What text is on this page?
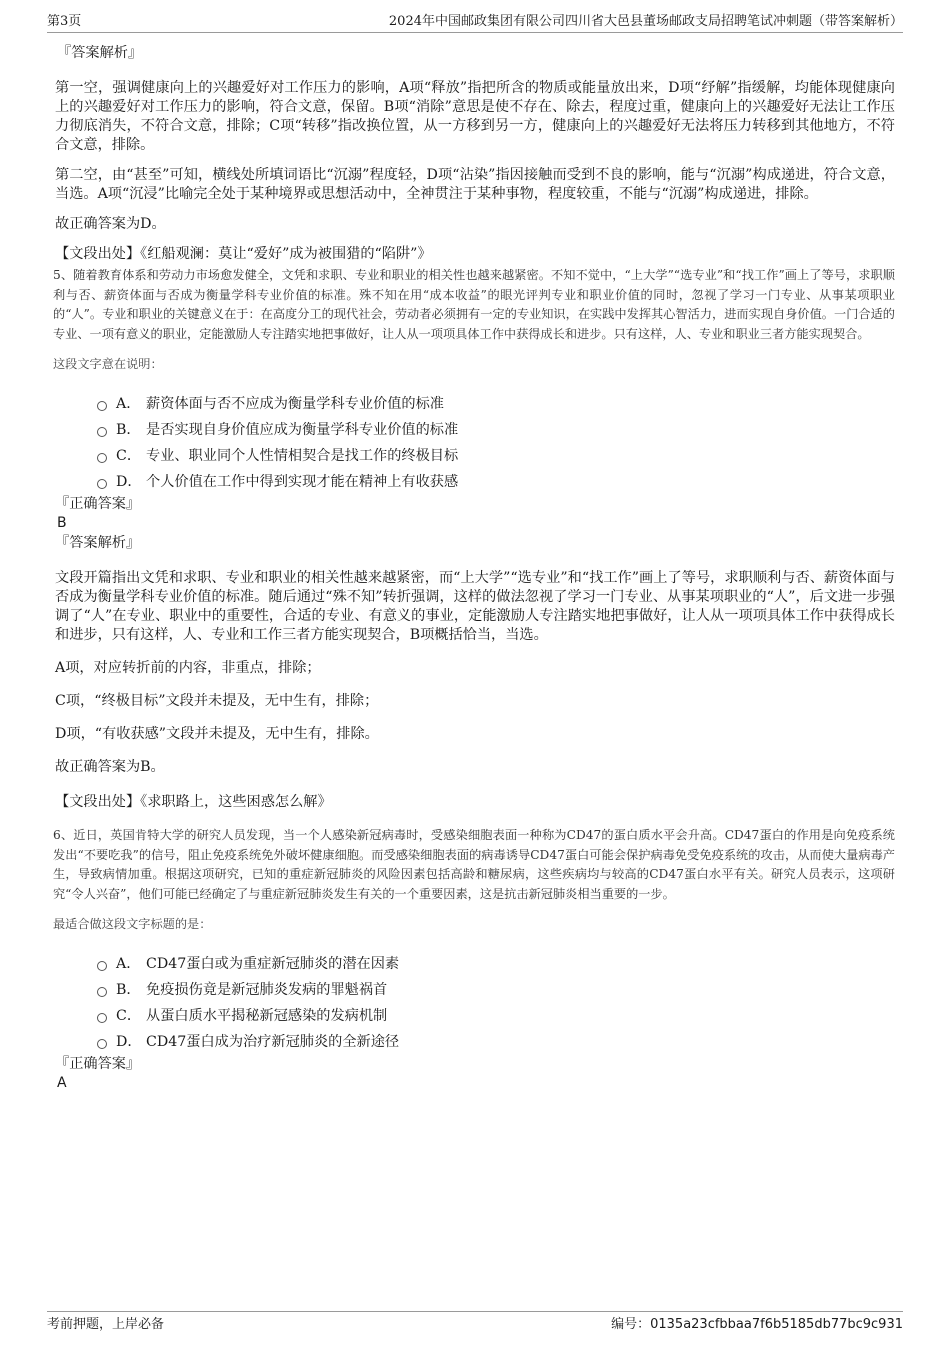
第3页	2024年中国邮政集团有限公司四川省大邑县董场邮政支局招聘笔试冲刺题（带答案解析）

『答案解析』

第一空，强调健康向上的兴趣爱好对工作压力的影响，A项“释放”指把所含的物质或能量放出来，D项“纾解”指缓解，均能体现健康向上的兴趣爱好对工作压力的影响，符合文意，保留。B项“消除”意思是使不存在、除去，程度过重，健康向上的兴趣爱好无法让工作压力彻底消失，不符合文意，排除；C项“转移”指改换位置，从一方移到另一方，健康向上的兴趣爱好无法将压力转移到其他地方，不符合文意，排除。

第二空，由“甚至”可知，横线处所填词语比“沉溺”程度轻，D项“沾染”指因接触而受到不良的影响，能与“沉溺”构成递进，符合文意，当选。A项“沉浸”比喻完全处于某种境界或思想活动中，全神贯注于某种事物，程度较重，不能与“沉溺”构成递进，排除。

故正确答案为D。

【文段出处】《红船观澜：莫让“爱好”成为被围猎的“陷阱”》

5、随着教育体系和劳动力市场愈发健全，文凭和求职、专业和职业的相关性也越来越紧密。不知不觉中，“上大学”“选专业”和“找工作”画上了等号，求职顺利与否、薪资体面与否成为衡量学科专业价值的标准。殊不知在用“成本收益”的眼光评判专业和职业价值的同时，忽视了学习一门专业、从事某项职业的“人”。专业和职业的关键意义在于：在高度分工的现代社会，劳动者必须拥有一定的专业知识，在实践中发挥其心智活力，进而实现自身价值。一门合适的专业、一项有意义的职业，定能激励人专注踏实地把事做好，让人从一项项具体工作中获得成长和进步。只有这样，人、专业和职业三者方能实现契合。

这段文字意在说明：

A． 薪资体面与否不应成为衡量学科专业价值的标准
B． 是否实现自身价值应成为衡量学科专业价值的标准
C． 专业、职业同个人性情相契合是找工作的终极目标
D． 个人价值在工作中得到实现才能在精神上有收获感

『正确答案』

B

『答案解析』

文段开篇指出文凭和求职、专业和职业的相关性越来越紧密，而“上大学”“选专业”和“找工作”画上了等号，求职顺利与否、薪资体面与否成为衡量学科专业价值的标准。随后通过“殊不知”转折强调，这样的做法忽视了学习一门专业、从事某项职业的“人”，后文进一步强调了“人”在专业、职业中的重要性，合适的专业、有意义的事业，定能激励人专注踏实地把事做好，让人从一项项具体工作中获得成长和进步，只有这样，人、专业和工作三者方能实现契合，B项概括恰当，当选。

A项，对应转折前的内容，非重点，排除；

C项，“终极目标”文段并未提及，无中生有，排除；

D项，“有收获感”文段并未提及，无中生有，排除。

故正确答案为B。

【文段出处】《求职路上，这些困惑怎么解》

6、近日，英国肯特大学的研究人员发现，当一个人感染新冠病毒时，受感染细胞表面一种称为CD47的蛋白质水平会升高。CD47蛋白的作用是向免疫系统发出“不要吃我”的信号，阻止免疫系统免外破坏健康细胞。而受感染细胞表面的病毒诱导CD47蛋白可能会保护病毒免受免疫系统的攻击，从而使大量病毒产生，导致病情加重。根据这项研究，已知的重症新冠肺炎的风险因素包括高龄和糖尿病，这些疾病均与较高的CD47蛋白水平有关。研究人员表示，这项研究“令人兴奋”，他们可能已经确定了与重症新冠肺炎发生有关的一个重要因素，这是抗击新冠肺炎相当重要的一步。

最适合做这段文字标题的是：

A． CD47蛋白或为重症新冠肺炎的潜在因素
B． 免疫损伤竟是新冠肺炎发病的罪魁祸首
C． 从蛋白质水平揭秘新冠感染的发病机制
D． CD47蛋白成为治疗新冠肺炎的全新途径

『正确答案』

A

考前押题，上岸必备	编号：0135a23cfbbaa7f6b5185db77bc9c931
